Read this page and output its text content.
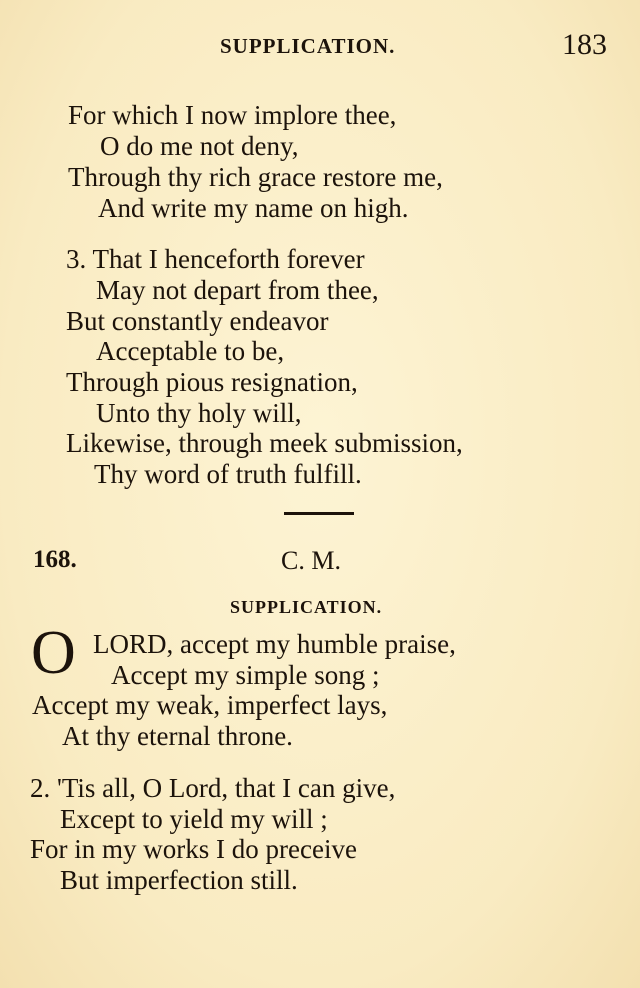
SUPPLICATION.	183
For which I now implore thee,
O do me not deny,
Through thy rich grace restore me,
And write my name on high.
3. That I henceforth forever
May not depart from thee,
But constantly endeavor
Acceptable to be,
Through pious resignation,
Unto thy holy will,
Likewise, through meek submission,
Thy word of truth fulfill.
168.	C. M.
SUPPLICATION.
O LORD, accept my humble praise,
Accept my simple song ;
Accept my weak, imperfect lays,
At thy eternal throne.
2. 'Tis all, O Lord, that I can give,
Except to yield my will ;
For in my works I do preceive
But imperfection still.
